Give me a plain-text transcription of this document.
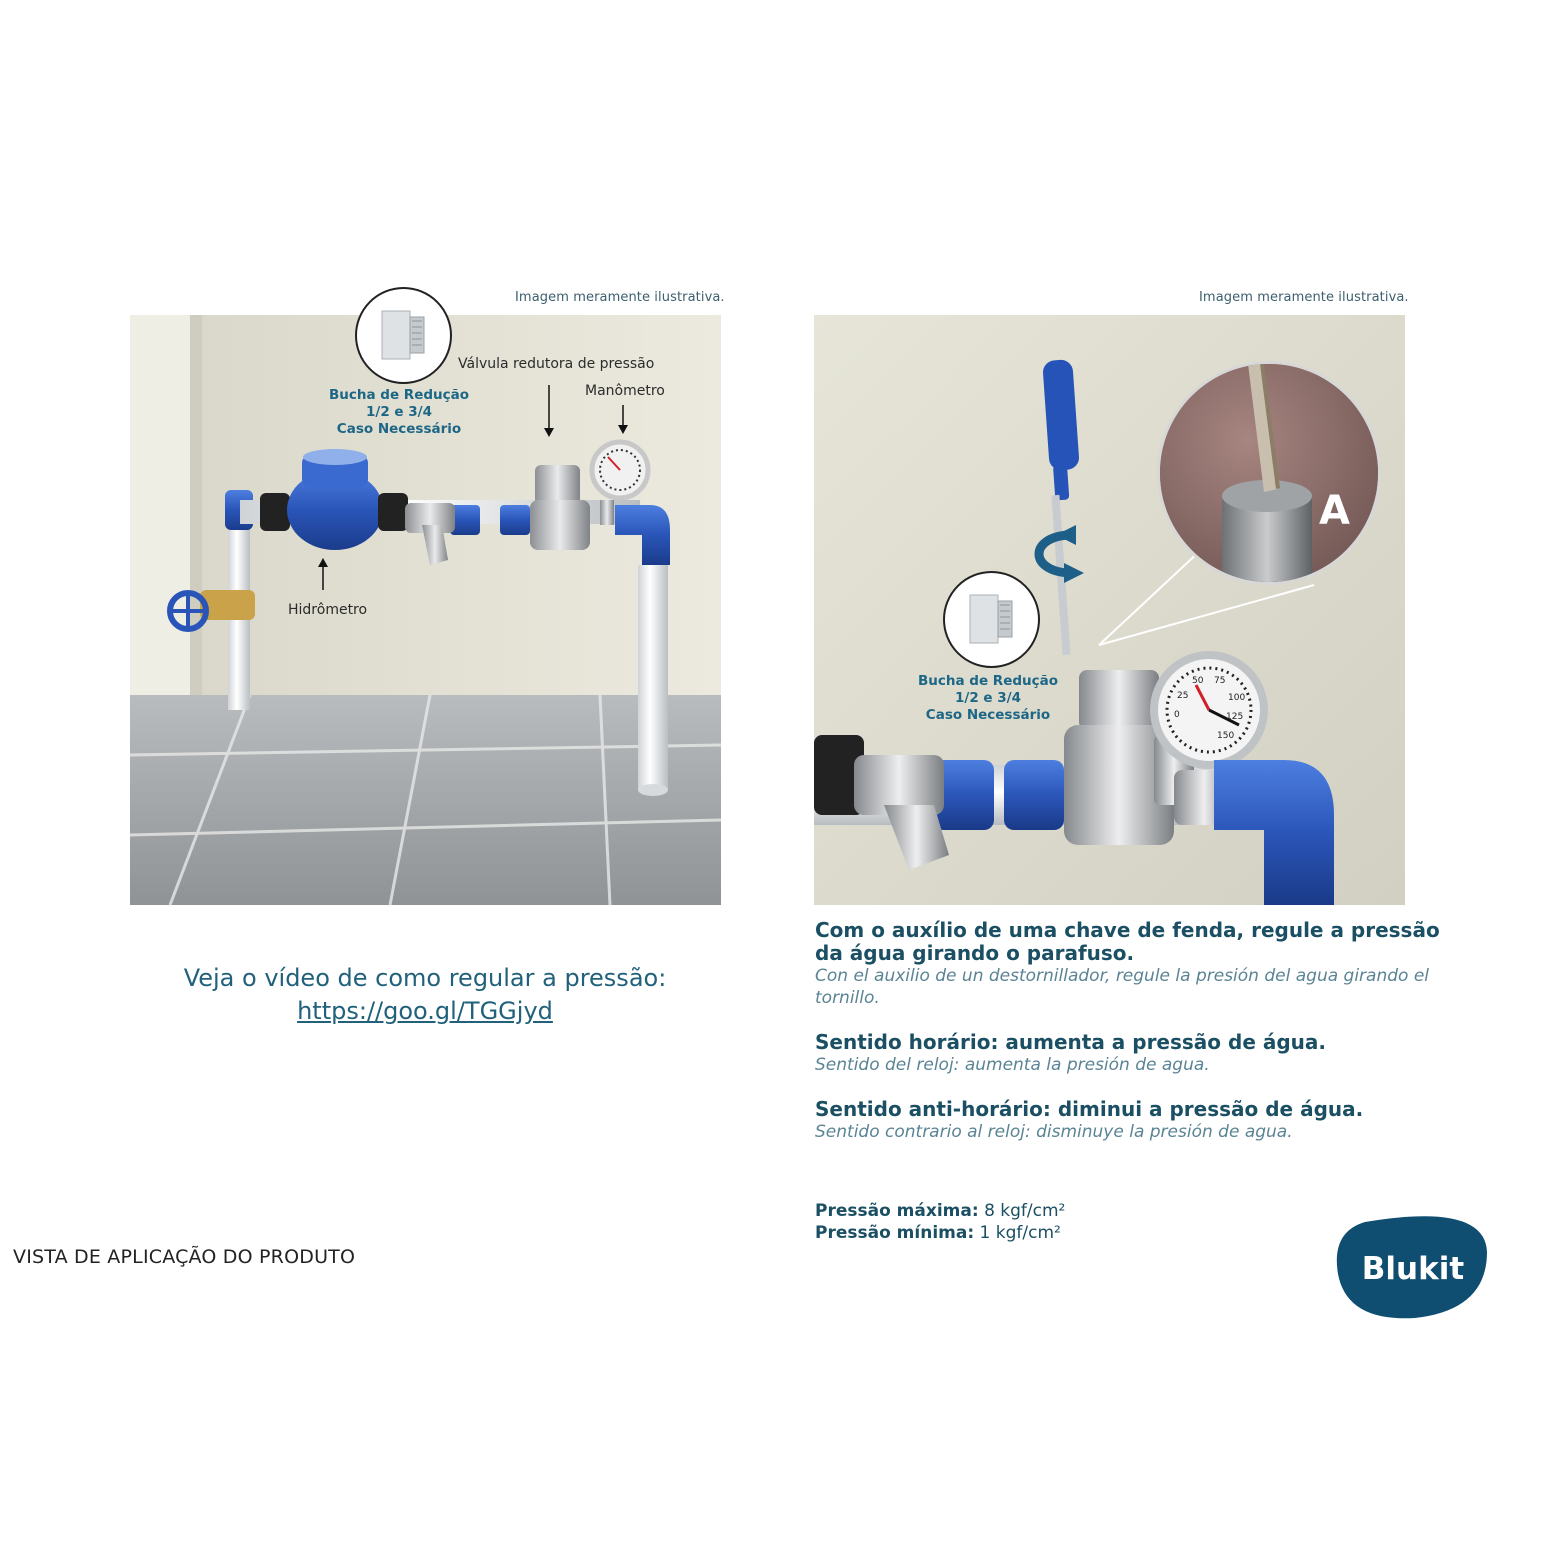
Imagem meramente ilustrativa.
Bucha de Redução
1/2 e 3/4
Caso Necessário
Válvula redutora de pressão
Manômetro
Hidrômetro
Veja o vídeo de como regular a pressão:
https://goo.gl/TGGjyd
VISTA DE APLICAÇÃO DO PRODUTO
Imagem meramente ilustrativa.
0
25
50 75
100
125
150
A
Bucha de Redução
1/2 e 3/4
Caso Necessário
Com o auxílio de uma chave de fenda, regule a pressão da água girando o parafuso.
Con el auxilio de un destornillador, regule la presión del agua girando el tornillo.
Sentido horário: aumenta a pressão de água.
Sentido del reloj: aumenta la presión de agua.
Sentido anti-horário: diminui a pressão de água.
Sentido contrario al reloj: disminuye la presión de agua.
Pressão máxima: 8 kgf/cm²
Pressão mínima: 1 kgf/cm²
Blukit
